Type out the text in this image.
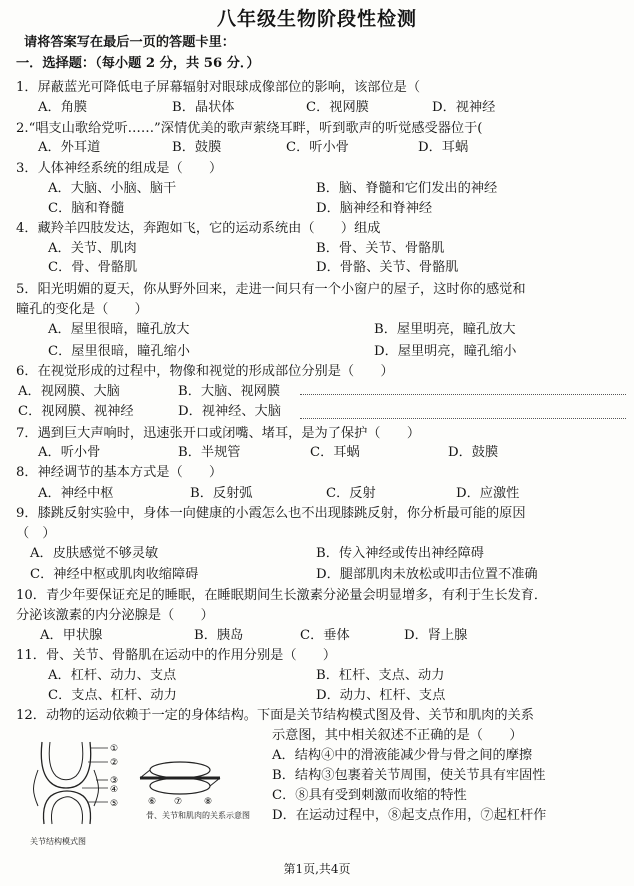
八年级生物阶段性检测
请将答案写在最后一页的答题卡里：
一．选择题：（每小题 2 分，共 56 分．）
1．屏蔽蓝光可降低电子屏幕辐射对眼球成像部位的影响，该部位是（
A．角膜	B．晶状体	C．视网膜	D．视神经
2.“唱支山歌给党听……”深情优美的歌声萦绕耳畔，听到歌声的听觉感受器位于(
A．外耳道	B．鼓膜	C．听小骨	D．耳蜗
3．人体神经系统的组成是（　　）
A．大脑、小脑、脑干	B．脑、脊髓和它们发出的神经
C．脑和脊髓	D．脑神经和脊神经
4．藏羚羊四肢发达，奔跑如飞，它的运动系统由（　　）组成
A．关节、肌肉	B．骨、关节、骨骼肌
C．骨、骨骼肌	D．骨骼、关节、骨骼肌
5．阳光明媚的夏天，你从野外回来，走进一间只有一个小窗户的屋子，这时你的感觉和
瞳孔的变化是（　　）
A．屋里很暗，瞳孔放大	B．屋里明亮，瞳孔放大
C．屋里很暗，瞳孔缩小	D．屋里明亮，瞳孔缩小
6．在视觉形成的过程中，物像和视觉的形成部位分别是（　　）
A．视网膜、大脑	B．大脑、视网膜
C．视网膜、视神经	D．视神经、大脑
7．遇到巨大声响时，迅速张开口或闭嘴、堵耳，是为了保护（　　）
A．听小骨	B．半规管	C．耳蜗	D．鼓膜
8．神经调节的基本方式是（　　）
A．神经中枢	B．反射弧	C．反射	D．应激性
9．膝跳反射实验中，身体一向健康的小霞怎么也不出现膝跳反射，你分析最可能的原因
（　）
A．皮肤感觉不够灵敏	B．传入神经或传出神经障碍
C．神经中枢或肌肉收缩障碍	D．腿部肌肉未放松或叩击位置不准确
10．青少年要保证充足的睡眠，在睡眠期间生长激素分泌量会明显增多，有利于生长发育．
分泌该激素的内分泌腺是（　　）
A．甲状腺	B．胰岛	C．垂体	D．肾上腺
11．骨、关节、骨骼肌在运动中的作用分别是（　　）
A．杠杆、动力、支点	B．杠杆、支点、动力
C．支点、杠杆、动力	D．动力、杠杆、支点
12．动物的运动依赖于一定的身体结构。下面是关节结构模式图及骨、关节和肌肉的关系
示意图，其中相关叙述不正确的是（　　）
A．结构④中的滑液能减少骨与骨之间的摩擦
B．结构③包裹着关节周围，使关节具有牢固性
C．⑧具有受到刺激而收缩的特性
D．在运动过程中，⑧起支点作用，⑦起杠杆作
①
②
③
④
⑤	⑥ ⑦ ⑧
关节结构模式图
骨、关节和肌肉的关系示意图
第1页,共4页
